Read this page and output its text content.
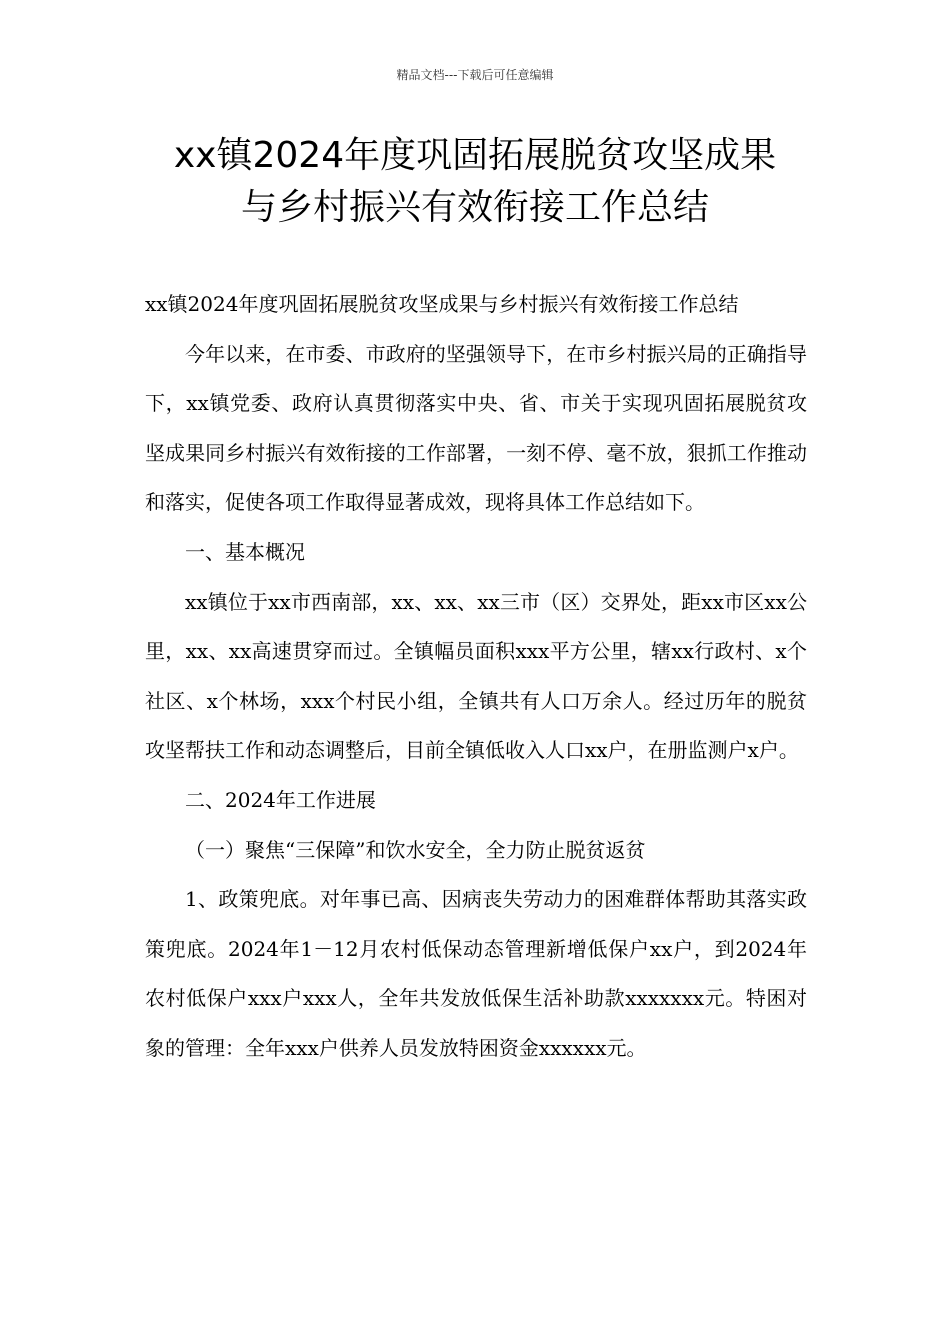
精品文档---下载后可任意编辑
xx镇2024年度巩固拓展脱贫攻坚成果
与乡村振兴有效衔接工作总结

xx镇2024年度巩固拓展脱贫攻坚成果与乡村振兴有效衔接工作总结

今年以来，在市委、市政府的坚强领导下，在市乡村振兴局的正确指导下，xx镇党委、政府认真贯彻落实中央、省、市关于实现巩固拓展脱贫攻坚成果同乡村振兴有效衔接的工作部署，一刻不停、毫不放，狠抓工作推动和落实，促使各项工作取得显著成效，现将具体工作总结如下。

一、基本概况

xx镇位于xx市西南部，xx、xx、xx三市（区）交界处，距xx市区xx公里，xx、xx高速贯穿而过。全镇幅员面积xxx平方公里，辖xx行政村、x个社区、x个林场，xxx个村民小组，全镇共有人口万余人。经过历年的脱贫攻坚帮扶工作和动态调整后，目前全镇低收入人口xx户，在册监测户x户。

二、2024年工作进展

（一）聚焦“三保障”和饮水安全，全力防止脱贫返贫

1、政策兜底。对年事已高、因病丧失劳动力的困难群体帮助其落实政策兜底。2024年1－12月农村低保动态管理新增低保户xx户，到2024年农村低保户xxx户xxx人，全年共发放低保生活补助款xxxxxxx元。特困对象的管理：全年xxx户供养人员发放特困资金xxxxxx元。
